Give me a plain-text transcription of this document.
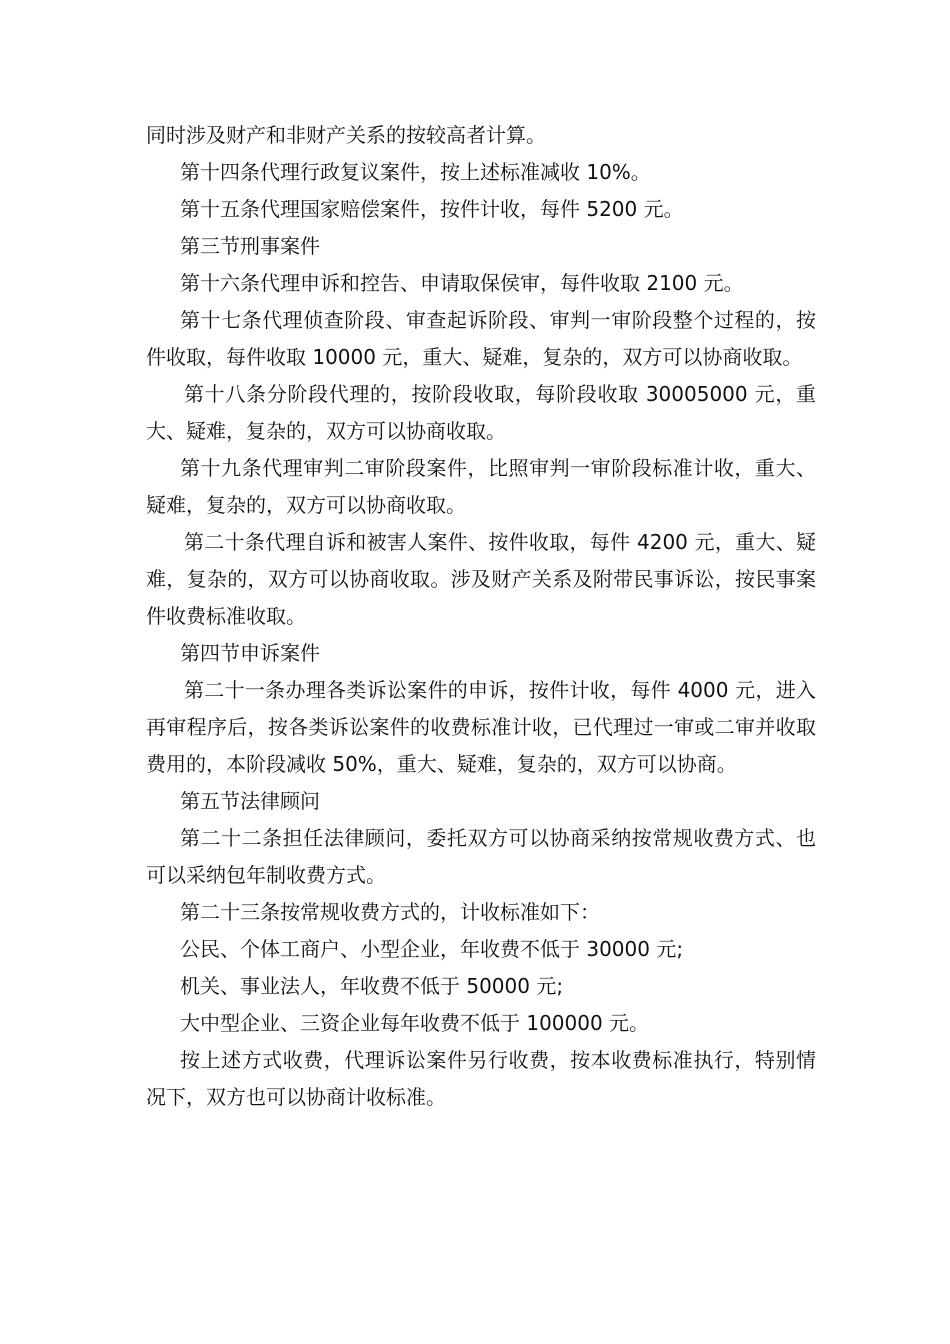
同时涉及财产和非财产关系的按较高者计算。

第十四条代理行政复议案件，按上述标准减收 10%。

第十五条代理国家赔偿案件，按件计收，每件 5200 元。

第三节刑事案件

第十六条代理申诉和控告、申请取保侯审，每件收取 2100 元。

第十七条代理侦查阶段、审查起诉阶段、审判一审阶段整个过程的，按件收取，每件收取 10000 元，重大、疑难，复杂的，双方可以协商收取。

第十八条分阶段代理的，按阶段收取，每阶段收取 30005000 元，重大、疑难，复杂的，双方可以协商收取。

第十九条代理审判二审阶段案件，比照审判一审阶段标准计收，重大、疑难，复杂的，双方可以协商收取。

第二十条代理自诉和被害人案件、按件收取，每件 4200 元，重大、疑难，复杂的，双方可以协商收取。涉及财产关系及附带民事诉讼，按民事案件收费标准收取。

第四节申诉案件

第二十一条办理各类诉讼案件的申诉，按件计收，每件 4000 元，进入再审程序后，按各类诉讼案件的收费标准计收，已代理过一审或二审并收取费用的，本阶段减收 50%，重大、疑难，复杂的，双方可以协商。

第五节法律顾问

第二十二条担任法律顾问，委托双方可以协商采纳按常规收费方式、也可以采纳包年制收费方式。

第二十三条按常规收费方式的，计收标准如下：

公民、个体工商户、小型企业，年收费不低于 30000 元;

机关、事业法人，年收费不低于 50000 元;

大中型企业、三资企业每年收费不低于 100000 元。

按上述方式收费，代理诉讼案件另行收费，按本收费标准执行，特别情况下，双方也可以协商计收标准。
